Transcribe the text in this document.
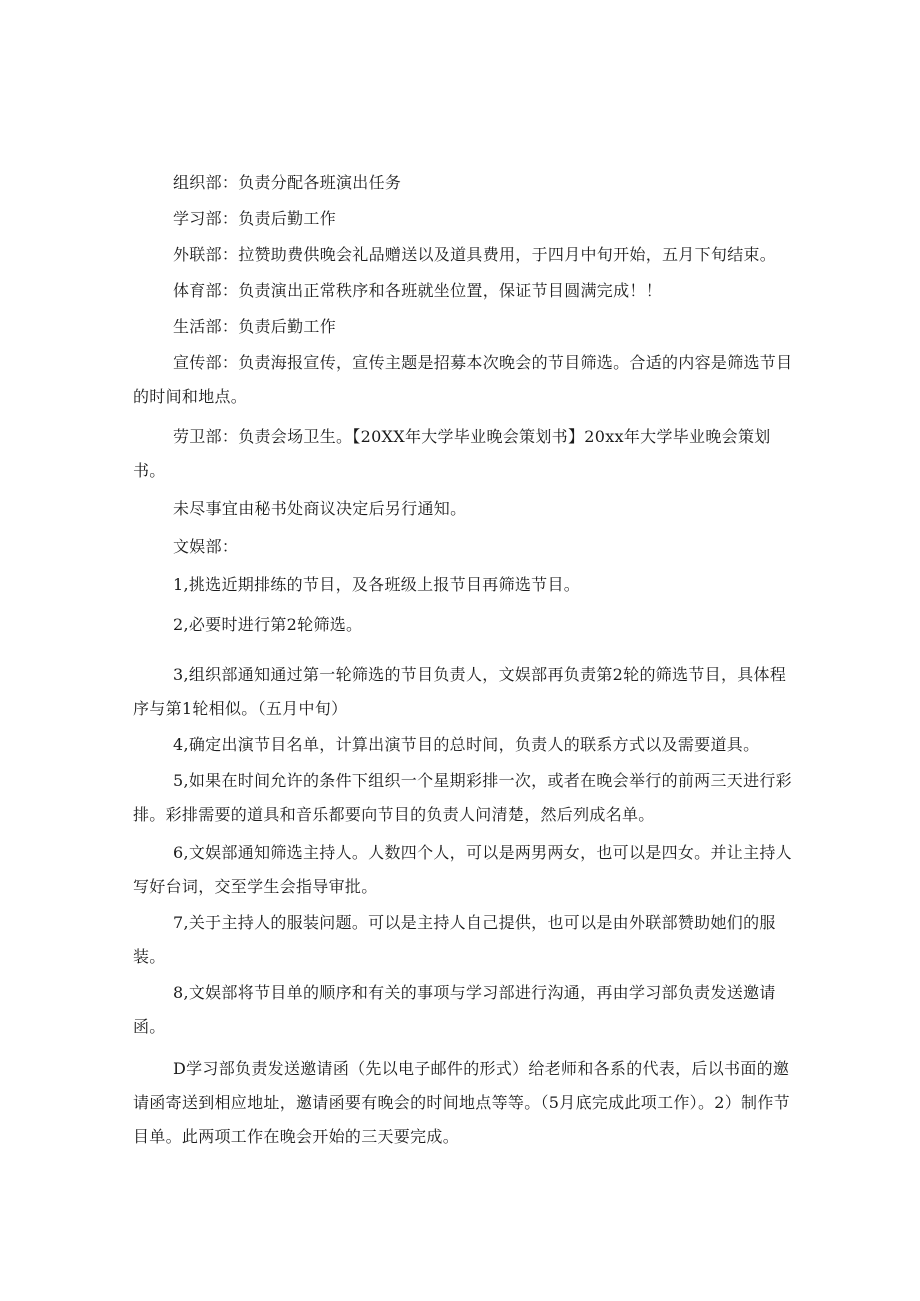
组织部：负责分配各班演出任务

学习部：负责后勤工作

外联部：拉赞助费供晚会礼品赠送以及道具费用，于四月中旬开始，五月下旬结束。

体育部：负责演出正常秩序和各班就坐位置，保证节目圆满完成！！

生活部：负责后勤工作

宣传部：负责海报宣传，宣传主题是招募本次晚会的节目筛选。合适的内容是筛选节目的时间和地点。

劳卫部：负责会场卫生。【20XX年大学毕业晚会策划书】20xx年大学毕业晚会策划书。

未尽事宜由秘书处商议决定后另行通知。

文娱部：

1,挑选近期排练的节目，及各班级上报节目再筛选节目。

2,必要时进行第2轮筛选。

3,组织部通知通过第一轮筛选的节目负责人，文娱部再负责第2轮的筛选节目，具体程序与第1轮相似。（五月中旬）

4,确定出演节目名单，计算出演节目的总时间，负责人的联系方式以及需要道具。

5,如果在时间允许的条件下组织一个星期彩排一次，或者在晚会举行的前两三天进行彩排。彩排需要的道具和音乐都要向节目的负责人问清楚，然后列成名单。

6,文娱部通知筛选主持人。人数四个人，可以是两男两女，也可以是四女。并让主持人写好台词，交至学生会指导审批。

7,关于主持人的服装问题。可以是主持人自己提供，也可以是由外联部赞助她们的服装。

8,文娱部将节目单的顺序和有关的事项与学习部进行沟通，再由学习部负责发送邀请函。

D学习部负责发送邀请函（先以电子邮件的形式）给老师和各系的代表，后以书面的邀请函寄送到相应地址，邀请函要有晚会的时间地点等等。（5月底完成此项工作）。2）制作节目单。此两项工作在晚会开始的三天要完成。
